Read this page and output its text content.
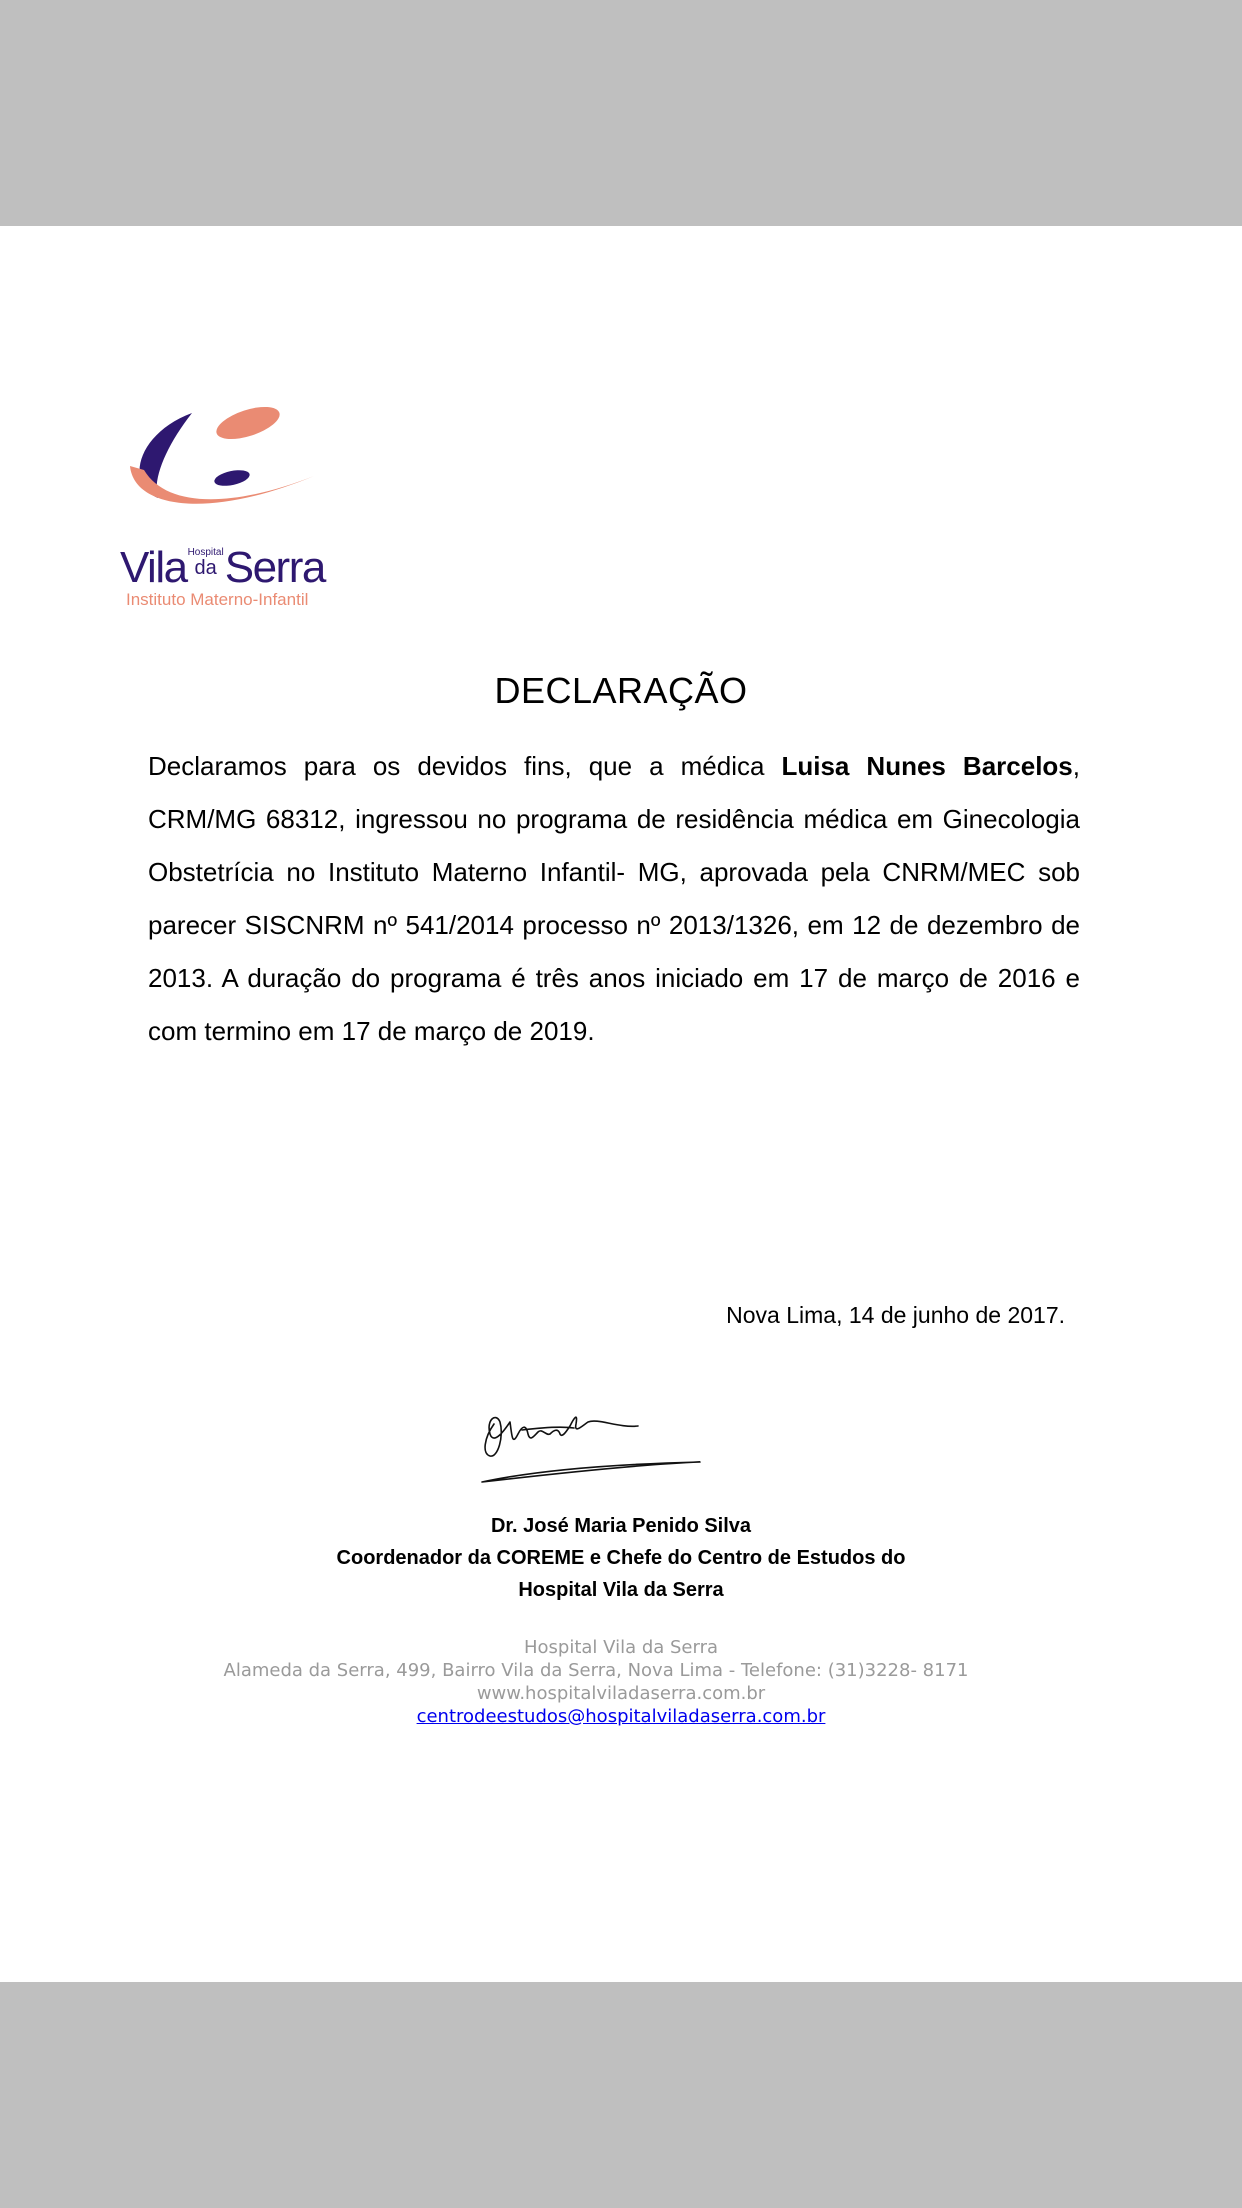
Vila Hospital
da Serra
Instituto Materno-Infantil
DECLARAÇÃO
Declaramos para os devidos fins, que a médica Luisa Nunes Barcelos, CRM/MG 68312, ingressou no programa de residência médica em Ginecologia Obstetrícia no Instituto Materno Infantil- MG, aprovada pela CNRM/MEC sob parecer SISCNRM nº 541/2014 processo nº 2013/1326, em 12 de dezembro de 2013. A duração do programa é três anos iniciado em 17 de março de 2016 e com termino em 17 de março de 2019.
Nova Lima, 14 de junho de 2017.
Dr. José Maria Penido Silva
Coordenador da COREME e Chefe do Centro de Estudos do
Hospital Vila da Serra
Hospital Vila da Serra
Alameda da Serra, 499, Bairro Vila da Serra, Nova Lima - Telefone: (31)3228- 8171
www.hospitalviladaserra.com.br
centrodeestudos@hospitalviladaserra.com.br
